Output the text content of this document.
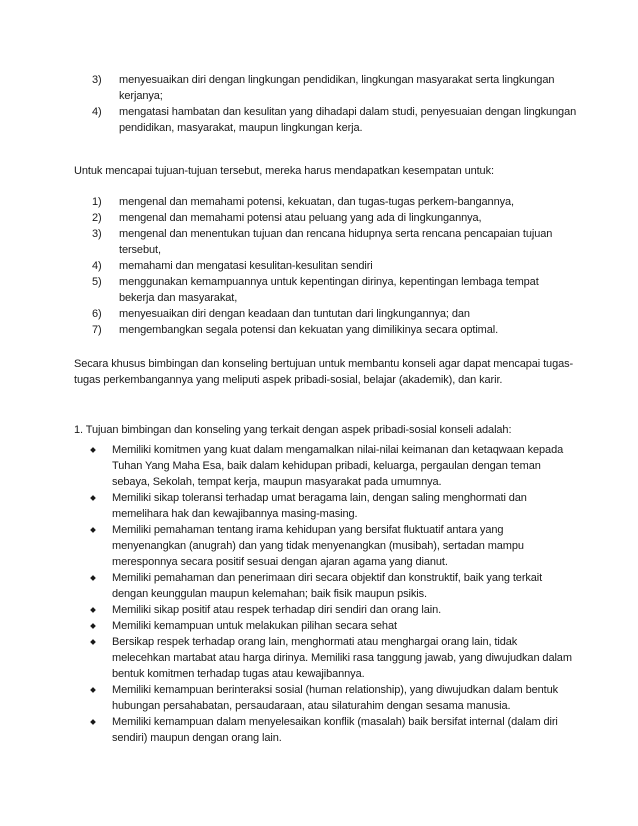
3) menyesuaikan diri dengan lingkungan pendidikan, lingkungan masyarakat serta lingkungan
kerjanya;
4) mengatasi hambatan dan kesulitan yang dihadapi dalam studi, penyesuaian dengan lingkungan
pendidikan, masyarakat, maupun lingkungan kerja.
Untuk mencapai tujuan-tujuan tersebut, mereka harus mendapatkan kesempatan untuk:
1) mengenal dan memahami potensi, kekuatan, dan tugas-tugas perkem-bangannya,
2) mengenal dan memahami potensi atau peluang yang ada di lingkungannya,
3) mengenal dan menentukan tujuan dan rencana hidupnya serta rencana pencapaian tujuan
tersebut,
4) memahami dan mengatasi kesulitan-kesulitan sendiri
5) menggunakan kemampuannya untuk kepentingan dirinya, kepentingan lembaga tempat
bekerja dan masyarakat,
6) menyesuaikan diri dengan keadaan dan tuntutan dari lingkungannya; dan
7) mengembangkan segala potensi dan kekuatan yang dimilikinya secara optimal.
Secara khusus bimbingan dan konseling bertujuan untuk membantu konseli agar dapat mencapai tugas-
tugas perkembangannya yang meliputi aspek pribadi-sosial, belajar (akademik), dan karir.
1. Tujuan bimbingan dan konseling yang terkait dengan aspek pribadi-sosial konseli adalah:
Memiliki komitmen yang kuat dalam mengamalkan nilai-nilai keimanan dan ketaqwaan kepada
Tuhan Yang Maha Esa, baik dalam kehidupan pribadi, keluarga, pergaulan dengan teman
sebaya, Sekolah, tempat kerja, maupun masyarakat pada umumnya.
Memiliki sikap toleransi terhadap umat beragama lain, dengan saling menghormati dan
memelihara hak dan kewajibannya masing-masing.
Memiliki pemahaman tentang irama kehidupan yang bersifat fluktuatif antara yang
menyenangkan (anugrah) dan yang tidak menyenangkan (musibah), sertadan mampu
meresponnya secara positif sesuai dengan ajaran agama yang dianut.
Memiliki pemahaman dan penerimaan diri secara objektif dan konstruktif, baik yang terkait
dengan keunggulan maupun kelemahan; baik fisik maupun psikis.
Memiliki sikap positif atau respek terhadap diri sendiri dan orang lain.
Memiliki kemampuan untuk melakukan pilihan secara sehat
Bersikap respek terhadap orang lain, menghormati atau menghargai orang lain, tidak
melecehkan martabat atau harga dirinya. Memiliki rasa tanggung jawab, yang diwujudkan dalam
bentuk komitmen terhadap tugas atau kewajibannya.
Memiliki kemampuan berinteraksi sosial (human relationship), yang diwujudkan dalam bentuk
hubungan persahabatan, persaudaraan, atau silaturahim dengan sesama manusia.
Memiliki kemampuan dalam menyelesaikan konflik (masalah) baik bersifat internal (dalam diri
sendiri) maupun dengan orang lain.
